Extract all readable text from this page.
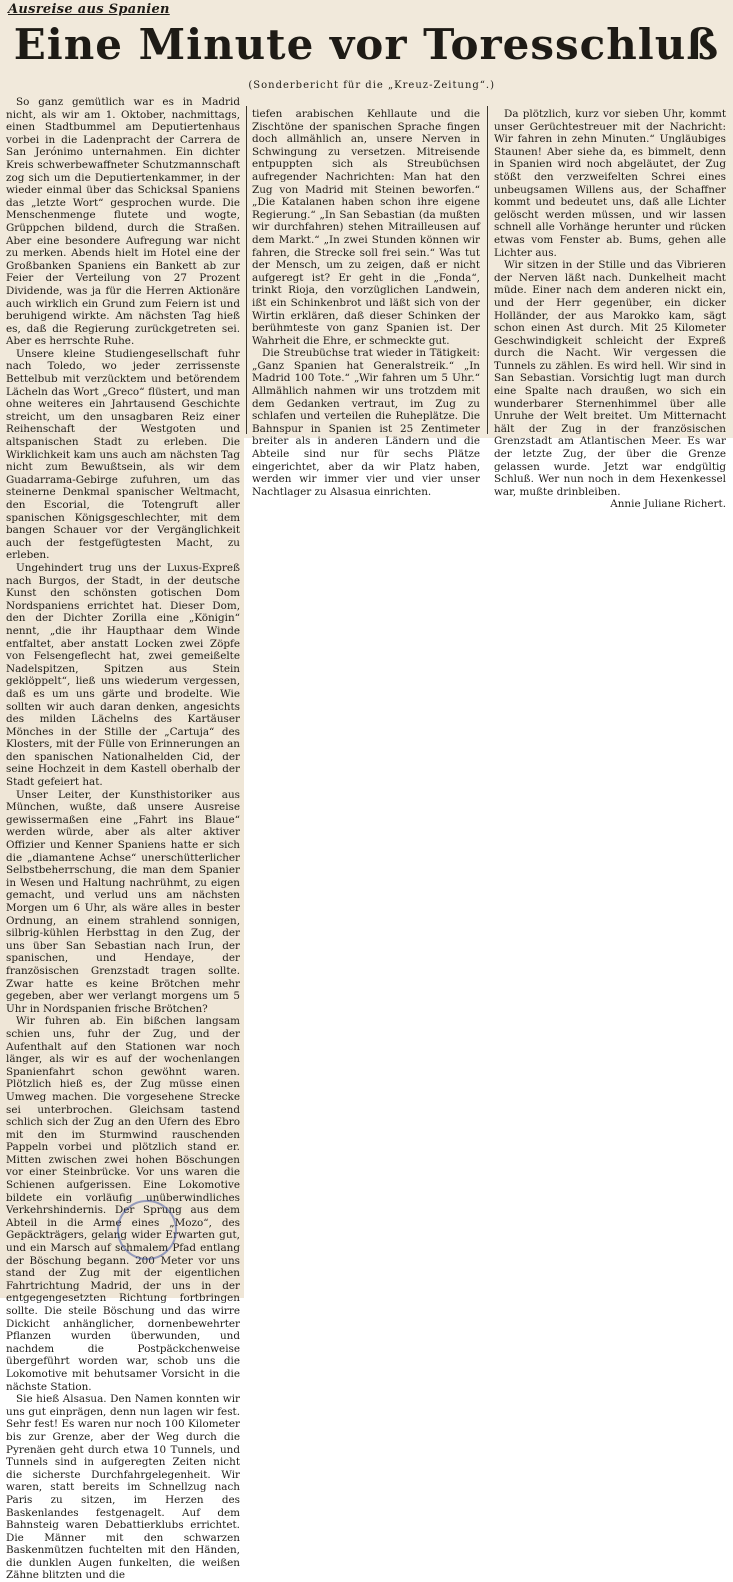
Ausreise aus Spanien
Eine Minute vor Toresschluß
(Sonderbericht für die „Kreuz-Zeitung“.)

So ganz gemütlich war es in Madrid nicht, als wir am 1. Oktober, nachmittags, einen Stadtbummel am Deputiertenhaus vorbei in die Ladenpracht der Carrera de San Jerónimo unternahmen. Ein dichter Kreis schwerbewaffneter Schutzmannschaft zog sich um die Deputiertenkammer, in der wieder einmal über das Schicksal Spaniens das „letzte Wort“ gesprochen wurde. Die Menschenmenge flutete und wogte, Grüppchen bildend, durch die Straßen. Aber eine besondere Aufregung war nicht zu merken. Abends hielt im Hotel eine der Großbanken Spaniens ein Bankett ab zur Feier der Verteilung von 27 Prozent Dividende, was ja für die Herren Aktionäre auch wirklich ein Grund zum Feiern ist und beruhigend wirkte. Am nächsten Tag hieß es, daß die Regierung zurückgetreten sei. Aber es herrschte Ruhe.

Unsere kleine Studiengesellschaft fuhr nach Toledo, wo jeder zerrissenste Bettelbub mit verzücktem und betörendem Lächeln das Wort „Greco“ flüstert, und man ohne weiteres ein Jahrtausend Geschichte streicht, um den unsagbaren Reiz einer Reihenschaft der Westgoten und altspanischen Stadt zu erleben. Die Wirklichkeit kam uns auch am nächsten Tag nicht zum Bewußtsein, als wir dem Guadarrama-Gebirge zufuhren, um das steinerne Denkmal spanischer Weltmacht, den Escorial, die Totengruft aller spanischen Königsgeschlechter, mit dem bangen Schauer vor der Vergänglichkeit auch der festgefügtesten Macht, zu erleben.

Ungehindert trug uns der Luxus-Expreß nach Burgos, der Stadt, in der deutsche Kunst den schönsten gotischen Dom Nordspaniens errichtet hat. Dieser Dom, den der Dichter Zorilla eine „Königin“ nennt, „die ihr Haupthaar dem Winde entfaltet, aber anstatt Locken zwei Zöpfe von Felsengeflecht hat, zwei gemeißelte Nadelspitzen, Spitzen aus Stein geklöppelt“, ließ uns wiederum vergessen, daß es um uns gärte und brodelte. Wie sollten wir auch daran denken, angesichts des milden Lächelns des Kartäuser Mönches in der Stille der „Cartuja“ des Klosters, mit der Fülle von Erinnerungen an den spanischen Nationalhelden Cid, der seine Hochzeit in dem Kastell oberhalb der Stadt gefeiert hat.

Unser Leiter, der Kunsthistoriker aus München, wußte, daß unsere Ausreise gewissermaßen eine „Fahrt ins Blaue“ werden würde, aber als alter aktiver Offizier und Kenner Spaniens hatte er sich die „diamantene Achse“ unerschütterlicher Selbstbeherrschung, die man dem Spanier in Wesen und Haltung nachrühmt, zu eigen gemacht, und verlud uns am nächsten Morgen um 6 Uhr, als wäre alles in bester Ordnung, an einem strahlend sonnigen, silbrig-kühlen Herbsttag in den Zug, der uns über San Sebastian nach Irun, der spanischen, und Hendaye, der französischen Grenzstadt tragen sollte. Zwar hatte es keine Brötchen mehr gegeben, aber wer verlangt morgens um 5 Uhr in Nordspanien frische Brötchen?

Wir fuhren ab. Ein bißchen langsam schien uns, fuhr der Zug, und der Aufenthalt auf den Stationen war noch länger, als wir es auf der wochenlangen Spanienfahrt schon gewöhnt waren. Plötzlich hieß es, der Zug müsse einen Umweg machen. Die vorgesehene Strecke sei unterbrochen. Gleichsam tastend schlich sich der Zug an den Ufern des Ebro mit den im Sturmwind rauschenden Pappeln vorbei und plötzlich stand er. Mitten zwischen zwei hohen Böschungen vor einer Steinbrücke. Vor uns waren die Schienen aufgerissen. Eine Lokomotive bildete ein vorläufig unüberwindliches Verkehrshindernis. Der Sprung aus dem Abteil in die Arme eines „Mozo“, des Gepäckträgers, gelang wider Erwarten gut, und ein Marsch auf schmalem Pfad entlang der Böschung begann. 200 Meter vor uns stand der Zug mit der eigentlichen Fahrtrichtung Madrid, der uns in der entgegengesetzten Richtung fortbringen sollte. Die steile Böschung und das wirre Dickicht anhänglicher, dornenbewehrter Pflanzen wurden überwunden, und nachdem die Postpäckchenweise übergeführt worden war, schob uns die Lokomotive mit behutsamer Vorsicht in die nächste Station.

Sie hieß Alsasua. Den Namen konnten wir uns gut einprägen, denn nun lagen wir fest. Sehr fest! Es waren nur noch 100 Kilometer bis zur Grenze, aber der Weg durch die Pyrenäen geht durch etwa 10 Tunnels, und Tunnels sind in aufgeregten Zeiten nicht die sicherste Durchfahrgelegenheit. Wir waren, statt bereits im Schnellzug nach Paris zu sitzen, im Herzen des Baskenlandes festgenagelt. Auf dem Bahnsteig waren Debattierklubs errichtet. Die Männer mit den schwarzen Baskenmützen fuchtelten mit den Händen, die dunklen Augen funkelten, die weißen Zähne blitzten und die

tiefen arabischen Kehllaute und die Zischtöne der spanischen Sprache fingen doch allmählich an, unsere Nerven in Schwingung zu versetzen. Mitreisende entpuppten sich als Streubüchsen aufregender Nachrichten: Man hat den Zug von Madrid mit Steinen beworfen.“ „Die Katalanen haben schon ihre eigene Regierung.“ „In San Sebastian (da mußten wir durchfahren) stehen Mitrailleusen auf dem Markt.“ „In zwei Stunden können wir fahren, die Strecke soll frei sein.“ Was tut der Mensch, um zu zeigen, daß er nicht aufgeregt ist? Er geht in die „Fonda“, trinkt Rioja, den vorzüglichen Landwein, ißt ein Schinkenbrot und läßt sich von der Wirtin erklären, daß dieser Schinken der berühmteste von ganz Spanien ist. Der Wahrheit die Ehre, er schmeckte gut.

Die Streubüchse trat wieder in Tätigkeit: „Ganz Spanien hat Generalstreik.“ „In Madrid 100 Tote.“ „Wir fahren um 5 Uhr.“ Allmählich nahmen wir uns trotzdem mit dem Gedanken vertraut, im Zug zu schlafen und verteilen die Ruheplätze. Die Bahnspur in Spanien ist 25 Zentimeter breiter als in anderen Ländern und die Abteile sind nur für sechs Plätze eingerichtet, aber da wir Platz haben, werden wir immer vier und vier unser Nachtlager zu Alsasua einrichten.

Da plötzlich, kurz vor sieben Uhr, kommt unser Gerüchtestreuer mit der Nachricht: Wir fahren in zehn Minuten.“ Ungläubiges Staunen! Aber siehe da, es bimmelt, denn in Spanien wird noch abgeläutet, der Zug stößt den verzweifelten Schrei eines unbeugsamen Willens aus, der Schaffner kommt und bedeutet uns, daß alle Lichter gelöscht werden müssen, und wir lassen schnell alle Vorhänge herunter und rücken etwas vom Fenster ab. Bums, gehen alle Lichter aus.

Wir sitzen in der Stille und das Vibrieren der Nerven läßt nach. Dunkelheit macht müde. Einer nach dem anderen nickt ein, und der Herr gegenüber, ein dicker Holländer, der aus Marokko kam, sägt schon einen Ast durch. Mit 25 Kilometer Geschwindigkeit schleicht der Expreß durch die Nacht. Wir vergessen die Tunnels zu zählen. Es wird hell. Wir sind in San Sebastian. Vorsichtig lugt man durch eine Spalte nach draußen, wo sich ein wunderbarer Sternenhimmel über alle Unruhe der Welt breitet. Um Mitternacht hält der Zug in der französischen Grenzstadt am Atlantischen Meer. Es war der letzte Zug, der über die Grenze gelassen wurde. Jetzt war endgültig Schluß. Wer nun noch in dem Hexenkessel war, mußte drinbleiben.

Annie Juliane Richert.
